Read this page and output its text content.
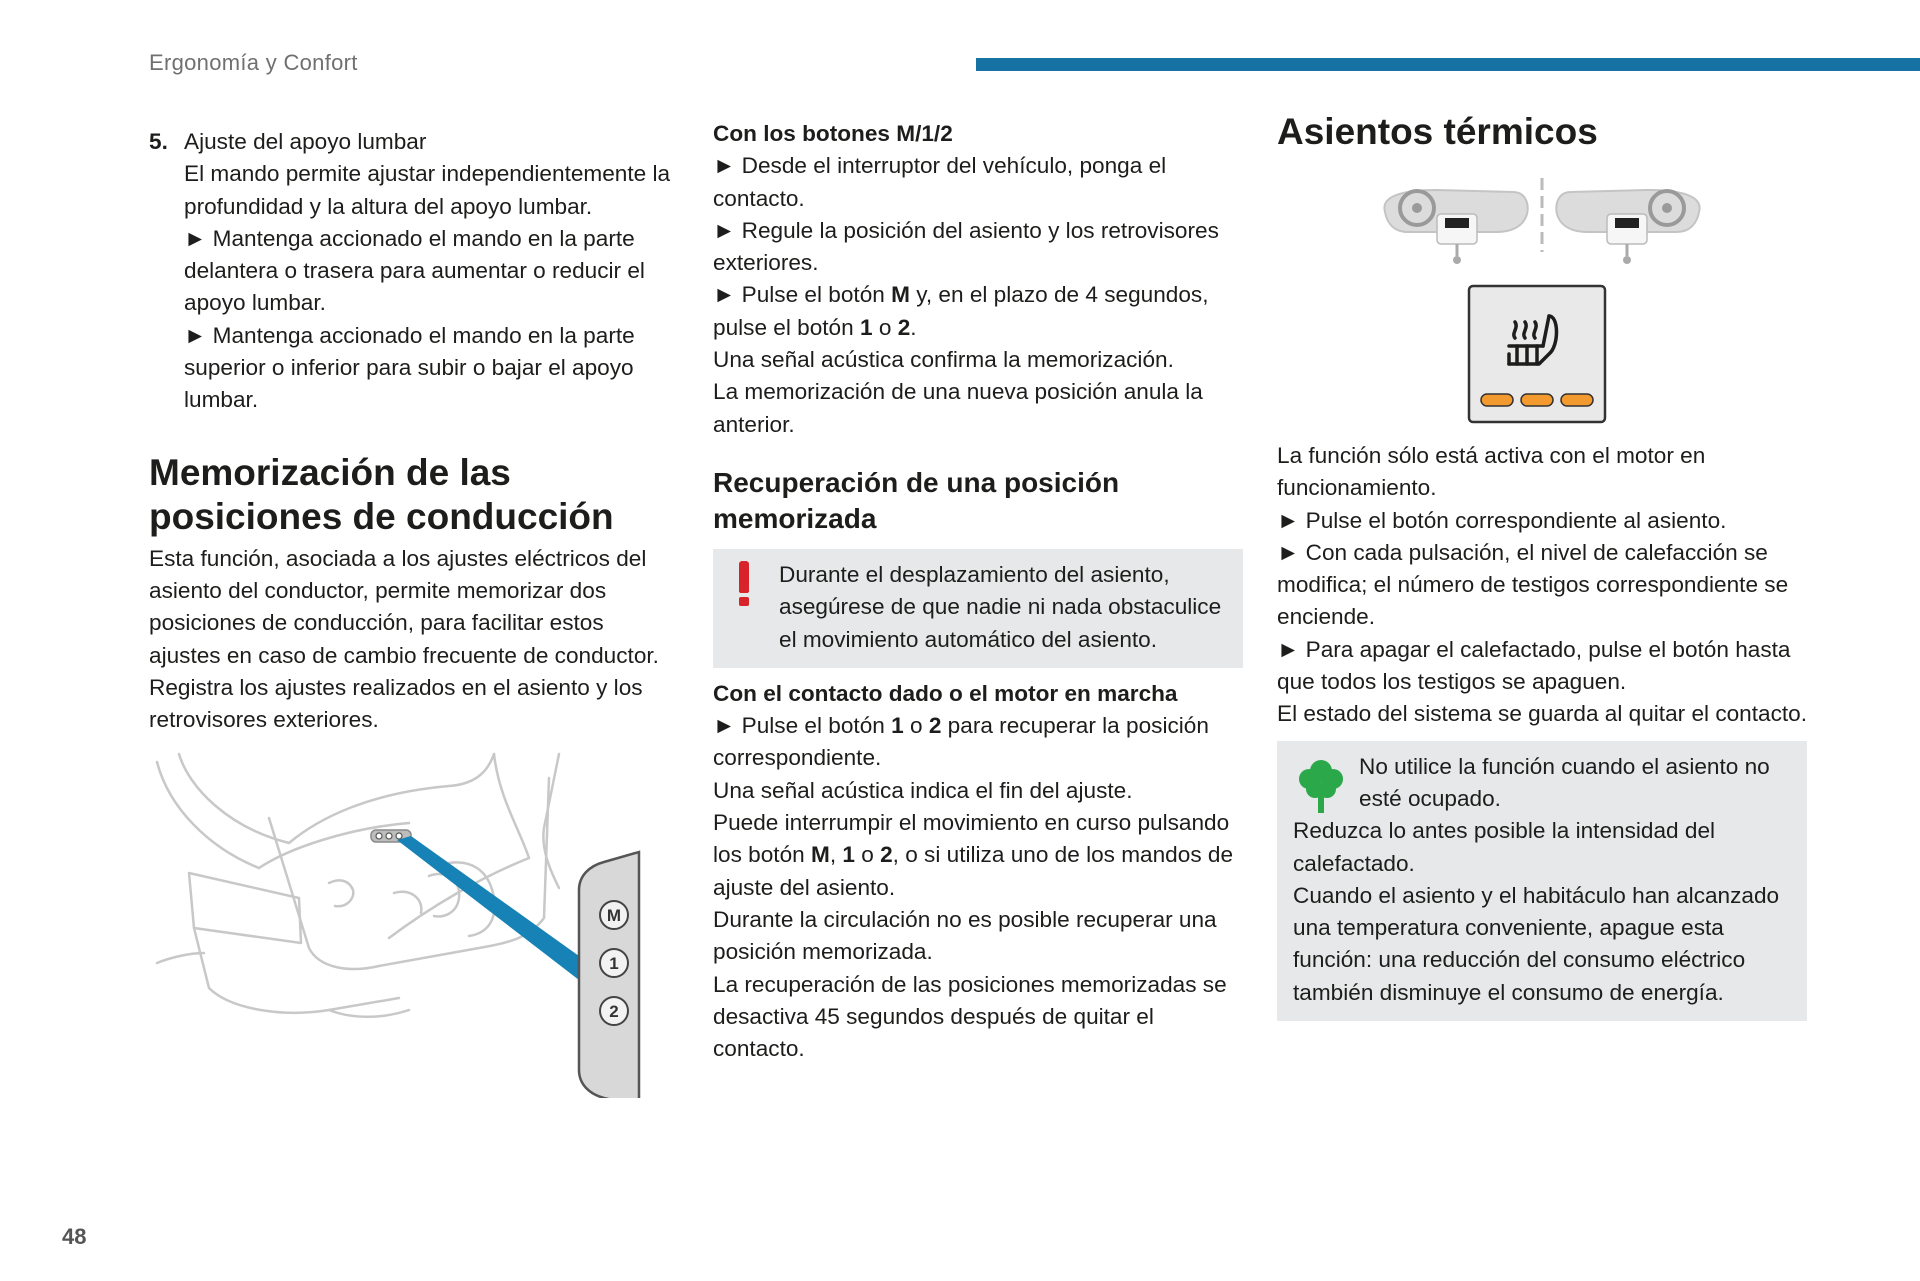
Ergonomía y Confort
48
5. Ajuste del apoyo lumbar

El mando permite ajustar independientemente la profundidad y la altura del apoyo lumbar.

► Mantenga accionado el mando en la parte delantera o trasera para aumentar o reducir el apoyo lumbar.

► Mantenga accionado el mando en la parte superior o inferior para subir o bajar el apoyo lumbar.

Memorización de las posiciones de conducción

Esta función, asociada a los ajustes eléctricos del asiento del conductor, permite memorizar dos posiciones de conducción, para facilitar estos ajustes en caso de cambio frecuente de conductor.

Registra los ajustes realizados en el asiento y los retrovisores exteriores.

M
1
2

Con los botones M/1/2

► Desde el interruptor del vehículo, ponga el contacto.

► Regule la posición del asiento y los retrovisores exteriores.

► Pulse el botón M y, en el plazo de 4 segundos, pulse el botón 1 o 2.

Una señal acústica confirma la memorización.

La memorización de una nueva posición anula la anterior.

Recuperación de una posición memorizada

Durante el desplazamiento del asiento, asegúrese de que nadie ni nada obstaculice el movimiento automático del asiento.

Con el contacto dado o el motor en marcha

► Pulse el botón 1 o 2 para recuperar la posición correspondiente.

Una señal acústica indica el fin del ajuste.

Puede interrumpir el movimiento en curso pulsando los botón M, 1 o 2, o si utiliza uno de los mandos de ajuste del asiento.

Durante la circulación no es posible recuperar una posición memorizada.

La recuperación de las posiciones memorizadas se desactiva 45 segundos después de quitar el contacto.

Asientos térmicos

La función sólo está activa con el motor en funcionamiento.

► Pulse el botón correspondiente al asiento.

► Con cada pulsación, el nivel de calefacción se modifica; el número de testigos correspondiente se enciende.

► Para apagar el calefactado, pulse el botón hasta que todos los testigos se apaguen.

El estado del sistema se guarda al quitar el contacto.

No utilice la función cuando el asiento no esté ocupado.

Reduzca lo antes posible la intensidad del calefactado.

Cuando el asiento y el habitáculo han alcanzado una temperatura conveniente, apague esta función: una reducción del consumo eléctrico también disminuye el consumo de energía.
